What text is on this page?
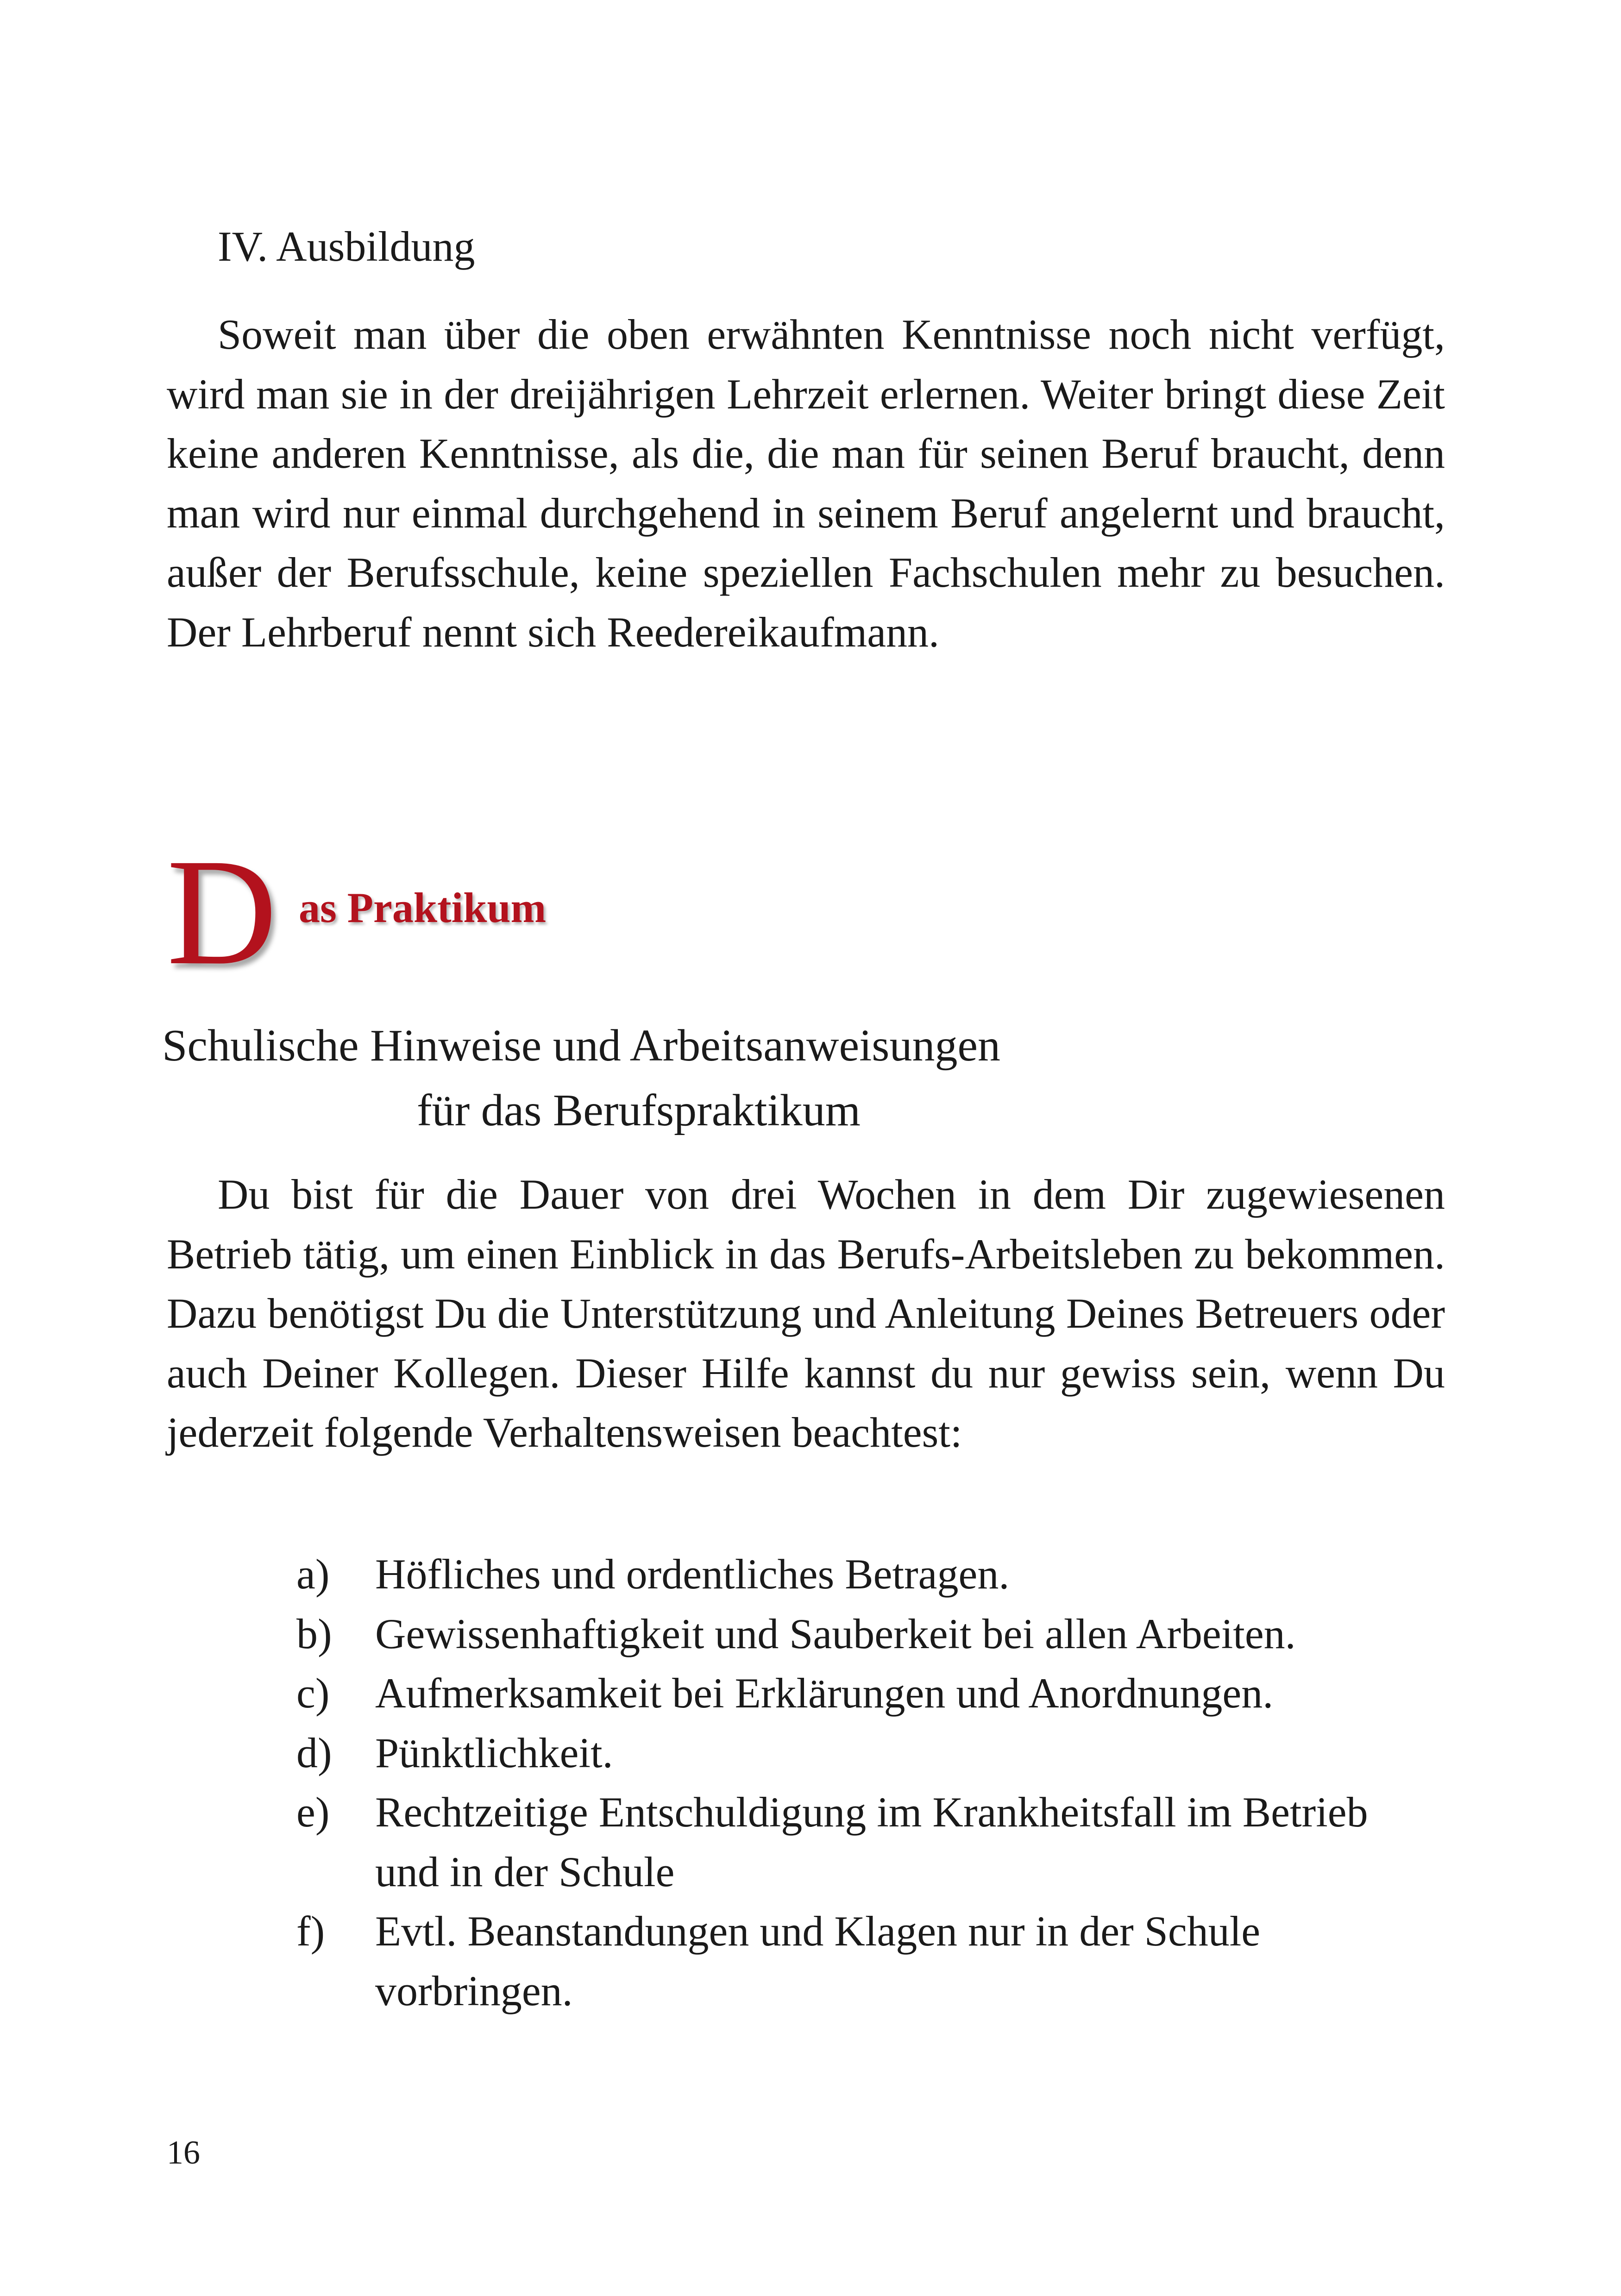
IV. Ausbildung

Soweit man über die oben erwähnten Kenntnisse noch nicht verfügt, wird man sie in der dreijährigen Lehrzeit erlernen. Weiter bringt diese Zeit keine anderen Kenntnisse, als die, die man für seinen Beruf braucht, denn man wird nur einmal durchgehend in seinem Beruf angelernt und braucht, außer der Berufsschule, keine speziellen Fachschulen mehr zu besuchen. Der Lehrberuf nennt sich Reedereikaufmann.

D as Praktikum
Schulische Hinweise und Arbeitsanweisungen
für das Berufspraktikum

Du bist für die Dauer von drei Wochen in dem Dir zugewiesenen Betrieb tätig, um einen Einblick in das Berufs-Arbeitsleben zu bekommen. Dazu benötigst Du die Unterstützung und Anleitung Deines Betreuers oder auch Deiner Kollegen. Dieser Hilfe kannst du nur gewiss sein, wenn Du jederzeit folgende Verhaltensweisen beachtest:

a) Höfliches und ordentliches Betragen.
b) Gewissenhaftigkeit und Sauberkeit bei allen Arbeiten.
c) Aufmerksamkeit bei Erklärungen und Anordnungen.
d) Pünktlichkeit.
e) Rechtzeitige Entschuldigung im Krankheitsfall im Betrieb und in der Schule
f) Evtl. Beanstandungen und Klagen nur in der Schule vorbringen.
16
